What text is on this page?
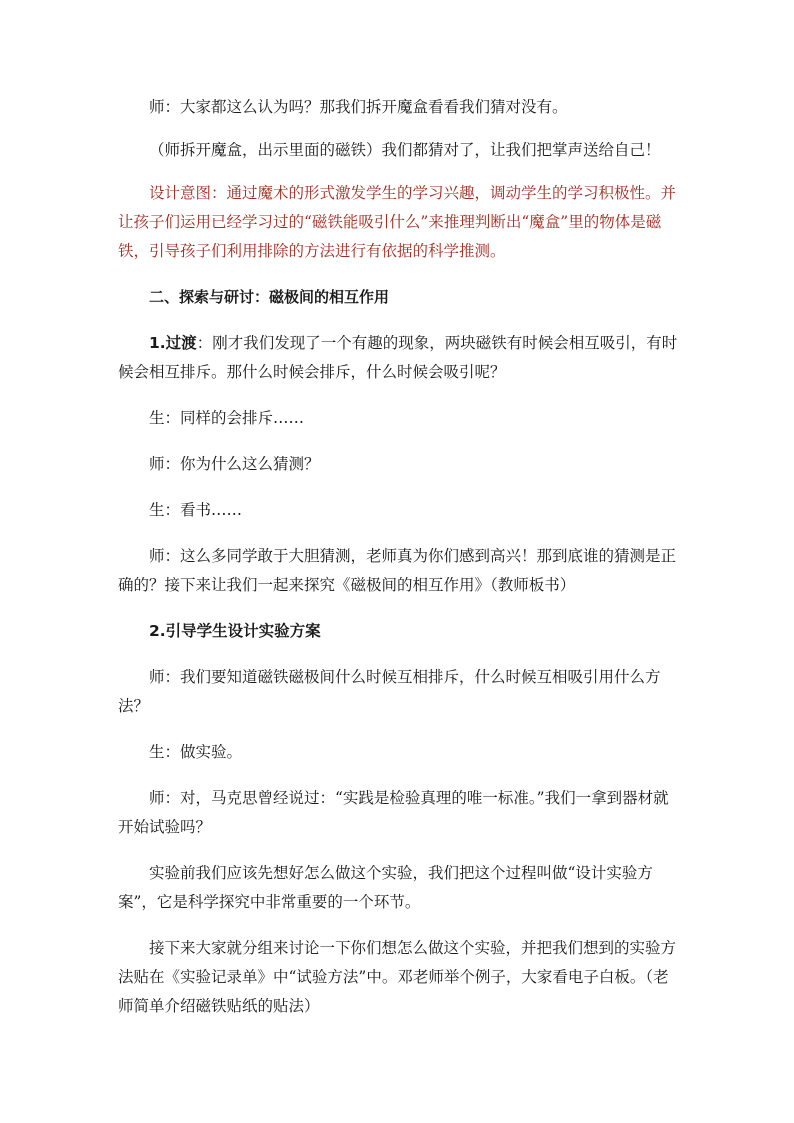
师：大家都这么认为吗？那我们拆开魔盒看看我们猜对没有。

（师拆开魔盒，出示里面的磁铁）我们都猜对了，让我们把掌声送给自己！

设计意图：通过魔术的形式激发学生的学习兴趣，调动学生的学习积极性。并让孩子们运用已经学习过的“磁铁能吸引什么”来推理判断出“魔盒”里的物体是磁铁，引导孩子们利用排除的方法进行有依据的科学推测。

二、探索与研讨：磁极间的相互作用

1.过渡：刚才我们发现了一个有趣的现象，两块磁铁有时候会相互吸引，有时候会相互排斥。那什么时候会排斥，什么时候会吸引呢？

生：同样的会排斥……

师：你为什么这么猜测？

生：看书……

师：这么多同学敢于大胆猜测，老师真为你们感到高兴！那到底谁的猜测是正确的？接下来让我们一起来探究《磁极间的相互作用》（教师板书）

2.引导学生设计实验方案

师：我们要知道磁铁磁极间什么时候互相排斥，什么时候互相吸引用什么方法？

生：做实验。

师：对，马克思曾经说过：“实践是检验真理的唯一标准。”我们一拿到器材就开始试验吗？

实验前我们应该先想好怎么做这个实验，我们把这个过程叫做“设计实验方案”，它是科学探究中非常重要的一个环节。

接下来大家就分组来讨论一下你们想怎么做这个实验，并把我们想到的实验方法贴在《实验记录单》中“试验方法”中。邓老师举个例子，大家看电子白板。（老师简单介绍磁铁贴纸的贴法）
